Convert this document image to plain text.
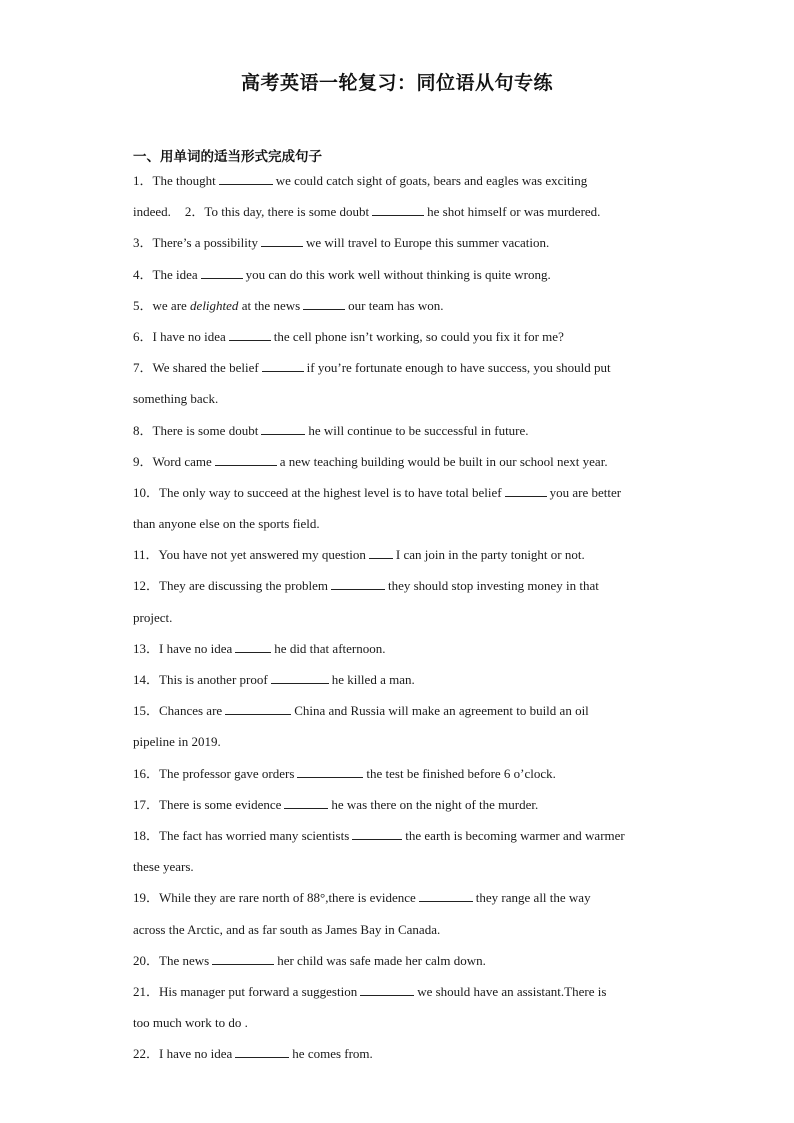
高考英语一轮复习：同位语从句专练
一、用单词的适当形式完成句子
1．The thought	we could catch sight of goats, bears and eagles was exciting
indeed. 2．To this day, there is some doubt	he shot himself or was murdered.
3．There’s a possibility	we will travel to Europe this summer vacation.
4．The idea	you can do this work well without thinking is quite wrong.
5．we are delighted at the news	our team has won.
6．I have no idea	the cell phone isn’t working, so could you fix it for me?
7．We shared the belief	if you’re fortunate enough to have success, you should put
something back.
8．There is some doubt	he will continue to be successful in future.
9．Word came	a new teaching building would be built in our school next year.
10．The only way to succeed at the highest level is to have total belief	you are better
than anyone else on the sports field.
11．You have not yet answered my question I can join in the party tonight or not.
12．They are discussing the problem	they should stop investing money in that
project.
13．I have no idea	he did that afternoon.
14．This is another proof	he killed a man.
15．Chances are	China and Russia will make an agreement to build an oil
pipeline in 2019.
16．The professor gave orders	the test be finished before 6 o’clock.
17．There is some evidence	he was there on the night of the murder.
18．The fact has worried many scientists	the earth is becoming warmer and warmer
these years.
19．While they are rare north of 88°,there is evidence	they range all the way
across the Arctic, and as far south as James Bay in Canada.
20．The news	her child was safe made her calm down.
21．His manager put forward a suggestion	we should have an assistant.There is
too much work to do .
22．I have no idea	he comes from.
